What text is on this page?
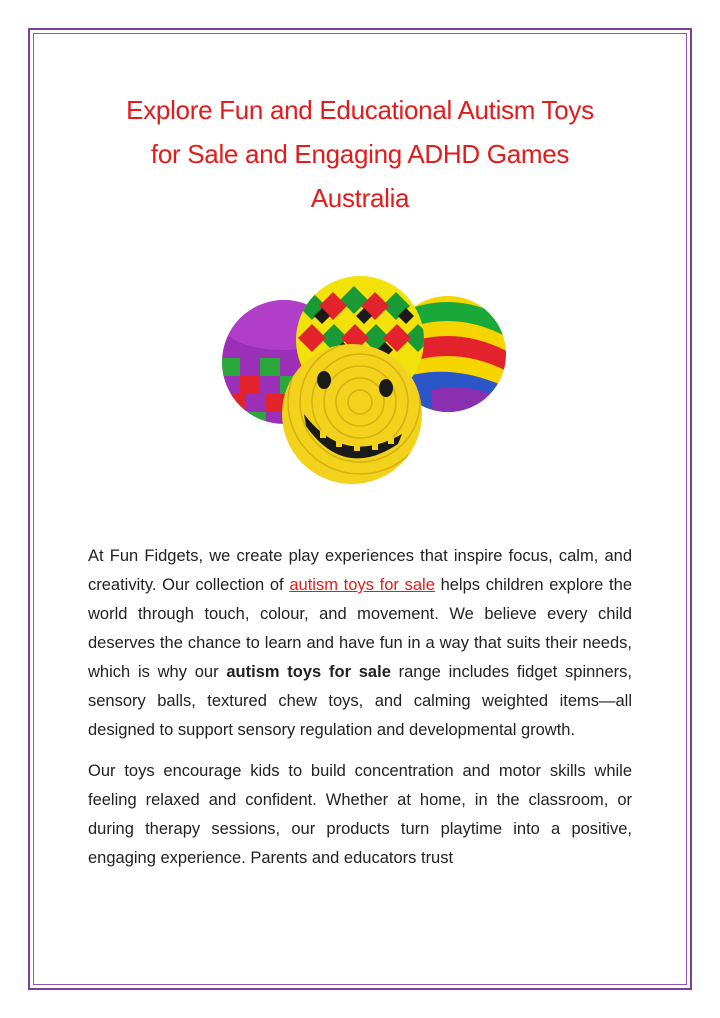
Explore Fun and Educational Autism Toys
for Sale and Engaging ADHD Games
Australia

At Fun Fidgets, we create play experiences that inspire focus, calm, and creativity. Our collection of autism toys for sale helps children explore the world through touch, colour, and movement. We believe every child deserves the chance to learn and have fun in a way that suits their needs, which is why our autism toys for sale range includes fidget spinners, sensory balls, textured chew toys, and calming weighted items—all designed to support sensory regulation and developmental growth.

Our toys encourage kids to build concentration and motor skills while feeling relaxed and confident. Whether at home, in the classroom, or during therapy sessions, our products turn playtime into a positive, engaging experience. Parents and educators trust
